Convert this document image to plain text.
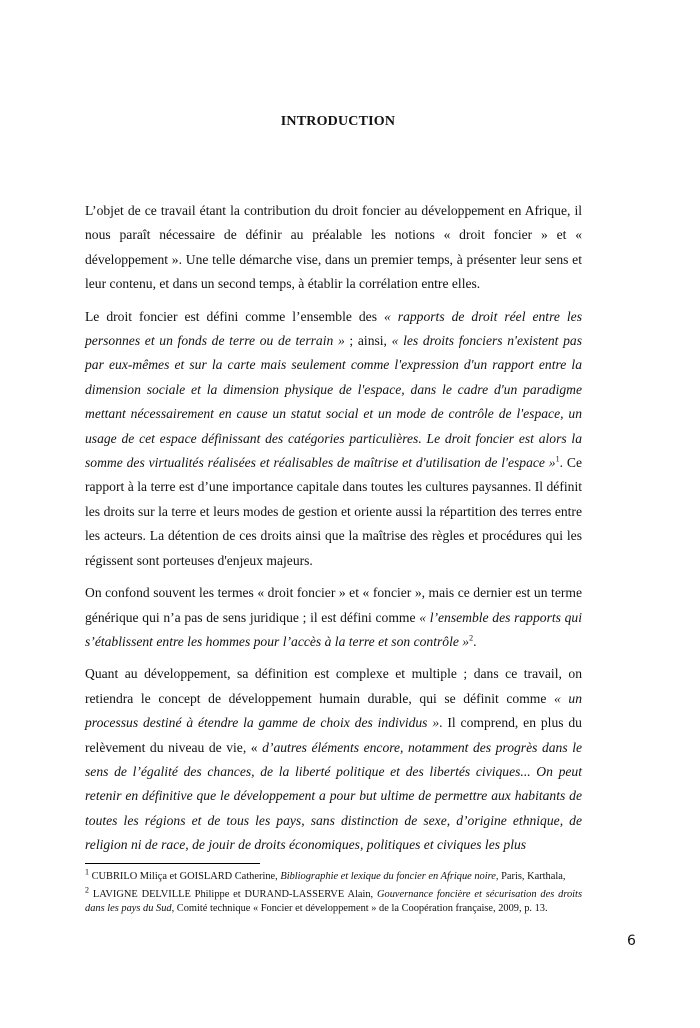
INTRODUCTION

L’objet de ce travail étant la contribution du droit foncier au développement en Afrique, il nous paraît nécessaire de définir au préalable les notions « droit foncier » et « développement ». Une telle démarche vise, dans un premier temps, à présenter leur sens et leur contenu, et dans un second temps, à établir la corrélation entre elles.

Le droit foncier est défini comme l’ensemble des « rapports de droit réel entre les personnes et un fonds de terre ou de terrain » ; ainsi, « les droits fonciers n'existent pas par eux-mêmes et sur la carte mais seulement comme l'expression d'un rapport entre la dimension sociale et la dimension physique de l'espace, dans le cadre d'un paradigme mettant nécessairement en cause un statut social et un mode de contrôle de l'espace, un usage de cet espace définissant des catégories particulières. Le droit foncier est alors la somme des virtualités réalisées et réalisables de maîtrise et d'utilisation de l'espace »$^1$. Ce rapport à la terre est d’une importance capitale dans toutes les cultures paysannes. Il définit les droits sur la terre et leurs modes de gestion et oriente aussi la répartition des terres entre les acteurs. La détention de ces droits ainsi que la maîtrise des règles et procédures qui les régissent sont porteuses d'enjeux majeurs.

On confond souvent les termes « droit foncier » et « foncier », mais ce dernier est un terme générique qui n’a pas de sens juridique ; il est défini comme « l’ensemble des rapports qui s’établissent entre les hommes pour l’accès à la terre et son contrôle »$^2$.

Quant au développement, sa définition est complexe et multiple ; dans ce travail, on retiendra le concept de développement humain durable, qui se définit comme « un processus destiné à étendre la gamme de choix des individus ». Il comprend, en plus du relèvement du niveau de vie, « d’autres éléments encore, notamment des progrès dans le sens de l’égalité des chances, de la liberté politique et des libertés civiques... On peut retenir en définitive que le développement a pour but ultime de permettre aux habitants de toutes les régions et de tous les pays, sans distinction de sexe, d’origine ethnique, de religion ni de race, de jouir de droits économiques, politiques et civiques les plus

$^1$ CUBRILO Miliça et GOISLARD Catherine, Bibliographie et lexique du foncier en Afrique noire, Paris, Karthala,

$^2$ LAVIGNE DELVILLE Philippe et DURAND-LASSERVE Alain, Gouvernance foncière et sécurisation des droits dans les pays du Sud, Comité technique « Foncier et développement » de la Coopération française, 2009, p. 13.

6
